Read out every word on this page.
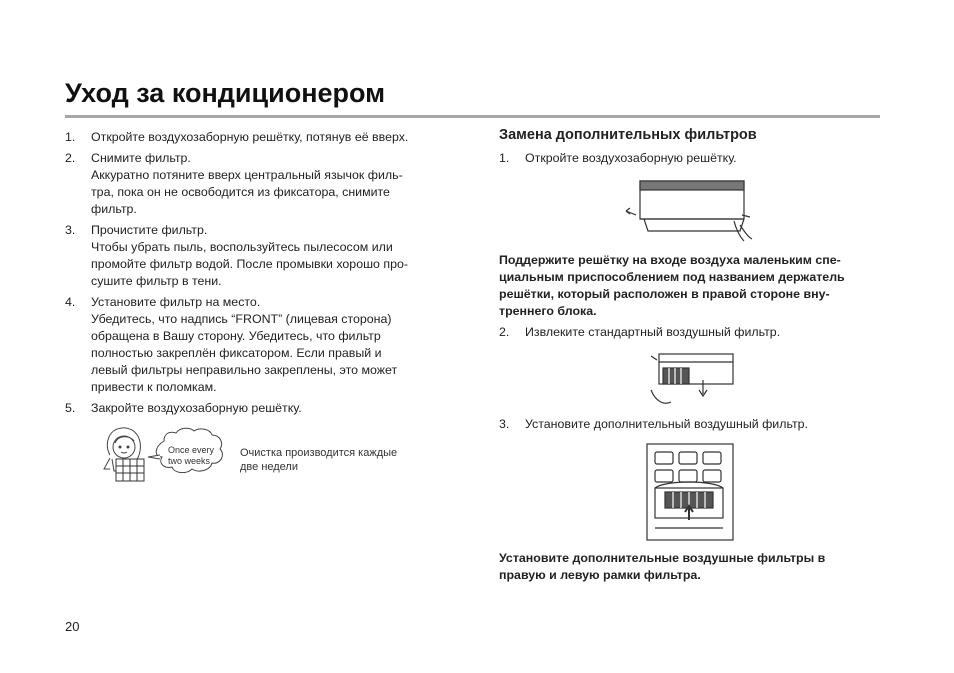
Уход за кондиционером
1. Откройте воздухозаборную решётку, потянув её вверх.
2. Снимите фильтр.
Аккуратно потяните вверх центральный язычок филь-
тра, пока он не освободится из фиксатора, снимите
фильтр.
3. Прочистите фильтр.
Чтобы убрать пыль, воспользуйтесь пылесосом или
промойте фильтр водой. После промывки хорошо про-
сушите фильтр в тени.
4. Установите фильтр на место.
Убедитесь, что надпись “FRONT” (лицевая сторона)
обращена в Вашу сторону. Убедитесь, что фильтр
полностью закреплён фиксатором. Если правый и
левый фильтры неправильно закреплены, это может
привести к поломкам.
5. Закройте воздухозаборную решётку.
Once every
two weeks
Очистка производится каждые
две недели
Замена дополнительных фильтров
1. Откройте воздухозаборную решётку.

Поддержите решётку на входе воздуха маленьким спе-
циальным приспособлением под названием держатель
решётки, который расположен в правой стороне вну-
треннего блока.

2. Извлеките стандартный воздушный фильтр.
3. Установите дополнительный воздушный фильтр.

Установите дополнительные воздушные фильтры в
правую и левую рамки фильтра.

20
